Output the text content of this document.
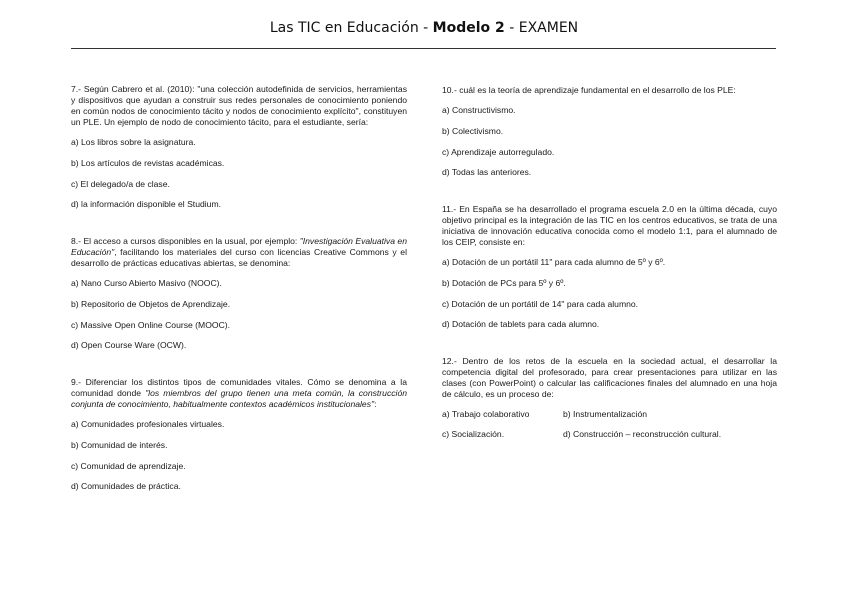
Las TIC en Educación - Modelo 2 - EXAMEN

7.- Según Cabrero et al. (2010): "una colección autodefinida de servicios, herramientas y dispositivos que ayudan a construir sus redes personales de conocimiento poniendo en común nodos de conocimiento tácito y nodos de conocimiento explícito", constituyen un PLE. Un ejemplo de nodo de conocimiento tácito, para el estudiante, sería:

a) Los libros sobre la asignatura.

b) Los artículos de revistas académicas.

c) El delegado/a de clase.

d) la información disponible el Studium.

8.- El acceso a cursos disponibles en la usual, por ejemplo: "Investigación Evaluativa en Educación", facilitando los materiales del curso con licencias Creative Commons y el desarrollo de prácticas educativas abiertas, se denomina:

a) Nano Curso Abierto Masivo (NOOC).

b) Repositorio de Objetos de Aprendizaje.

c) Massive Open Online Course (MOOC).

d) Open Course Ware (OCW).

9.- Diferenciar los distintos tipos de comunidades vitales. Cómo se denomina a la comunidad donde "los miembros del grupo tienen una meta común, la construcción conjunta de conocimiento, habitualmente contextos académicos institucionales":

a) Comunidades profesionales virtuales.

b) Comunidad de interés.

c) Comunidad de aprendizaje.

d) Comunidades de práctica.

10.- cuál es la teoría de aprendizaje fundamental en el desarrollo de los PLE:

a) Constructivismo.

b) Colectivismo.

c) Aprendizaje autorregulado.

d) Todas las anteriores.

11.- En España se ha desarrollado el programa escuela 2.0 en la última década, cuyo objetivo principal es la integración de las TIC en los centros educativos, se trata de una iniciativa de innovación educativa conocida como el modelo 1:1, para el alumnado de los CEIP, consiste en:

a) Dotación de un portátil 11" para cada alumno de 5º y 6º.

b) Dotación de PCs para 5º y 6º.

c) Dotación de un portátil de 14" para cada alumno.

d) Dotación de tablets para cada alumno.

12.- Dentro de los retos de la escuela en la sociedad actual, el desarrollar la competencia digital del profesorado, para crear presentaciones para utilizar en las clases (con PowerPoint) o calcular las calificaciones finales del alumnado en una hoja de cálculo, es un proceso de:

a) Trabajo colaborativo	b) Instrumentalización

c) Socialización.	d) Construcción – reconstrucción cultural.
